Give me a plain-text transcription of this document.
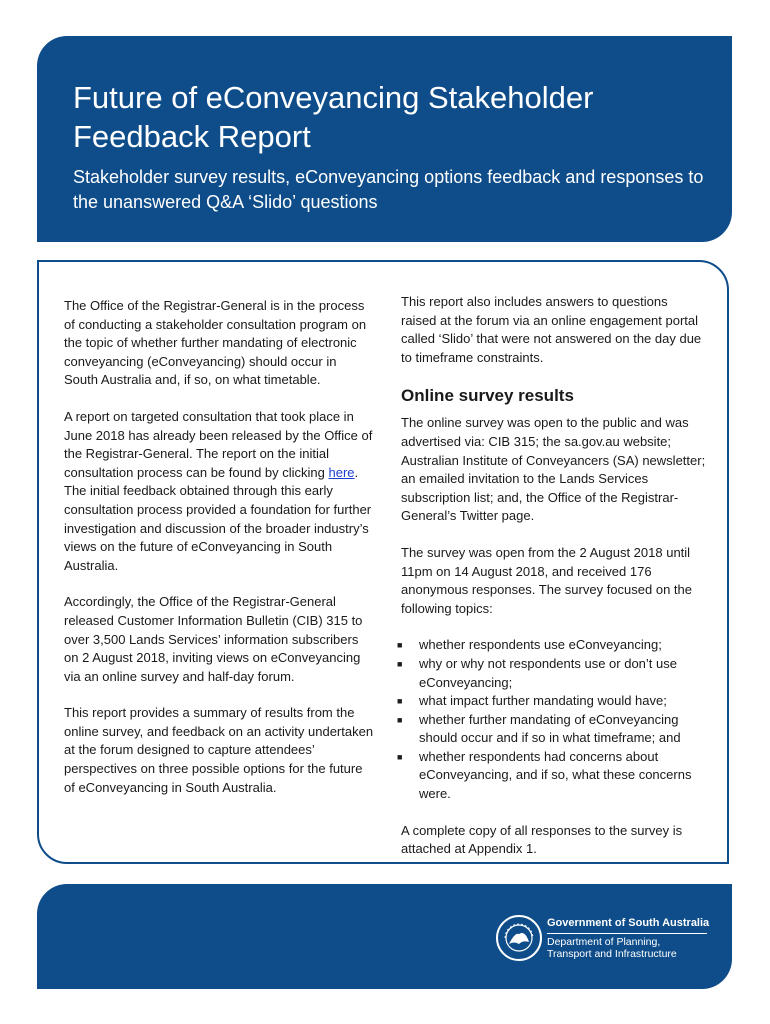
Future of eConveyancing Stakeholder Feedback Report

Stakeholder survey results, eConveyancing options feedback and responses to the unanswered Q&A ‘Slido’ questions

The Office of the Registrar-General is in the process of conducting a stakeholder consultation program on the topic of whether further mandating of electronic conveyancing (eConveyancing) should occur in South Australia and, if so, on what timetable.

A report on targeted consultation that took place in June 2018 has already been released by the Office of the Registrar-General. The report on the initial consultation process can be found by clicking here. The initial feedback obtained through this early consultation process provided a foundation for further investigation and discussion of the broader industry’s views on the future of eConveyancing in South Australia.

Accordingly, the Office of the Registrar-General released Customer Information Bulletin (CIB) 315 to over 3,500 Lands Services’ information subscribers on 2 August 2018, inviting views on eConveyancing via an online survey and half-day forum.

This report provides a summary of results from the online survey, and feedback on an activity undertaken at the forum designed to capture attendees’ perspectives on three possible options for the future of eConveyancing in South Australia.

This report also includes answers to questions raised at the forum via an online engagement portal called ‘Slido’ that were not answered on the day due to timeframe constraints.

Online survey results

The online survey was open to the public and was advertised via: CIB 315; the sa.gov.au website; Australian Institute of Conveyancers (SA) newsletter; an emailed invitation to the Lands Services subscription list; and, the Office of the Registrar-General’s Twitter page.

The survey was open from the 2 August 2018 until 11pm on 14 August 2018, and received 176 anonymous responses. The survey focused on the following topics:

■ whether respondents use eConveyancing;
■ why or why not respondents use or don’t use eConveyancing;
■ what impact further mandating would have;
■ whether further mandating of eConveyancing should occur and if so in what timeframe; and
■ whether respondents had concerns about eConveyancing, and if so, what these concerns were.

A complete copy of all responses to the survey is attached at Appendix 1.

Government of South Australia
Department of Planning,
Transport and Infrastructure
